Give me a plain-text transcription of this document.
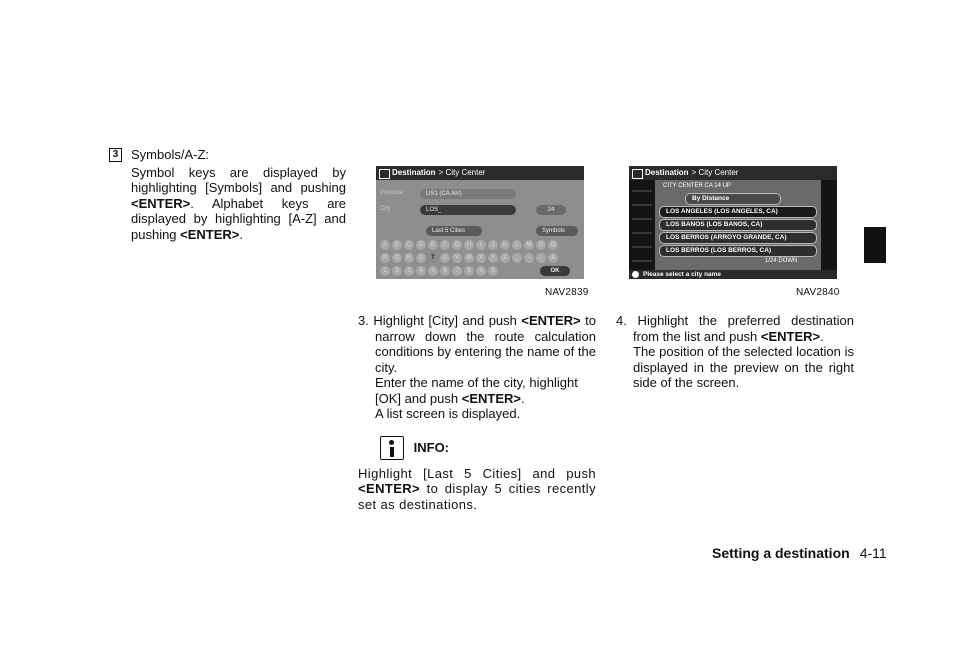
3 Symbols/A-Z:

Symbol keys are displayed by highlighting [Symbols] and pushing <ENTER>. Alphabet keys are displayed by highlighting [A-Z] and pushing <ENTER>.

Destination > City Center
Province	US1 (CA,NV)
City	LOS_	24
Last 5 Cities	Symbols
A	B	C	D	E	F	G	H	I	J	K	L	M	N	O
P	Q	R	S	T	U	V	W	X	Y	Z	␣	–	·	&
1	2	3	4	5	6	7	8	9	0	OK
NAV2839
Destination > City Center
CITY CENTER CA 14 UP
By Distance
LOS ANGELES (LOS ANGELES, CA)
LOS BANOS (LOS BANOS, CA)
LOS BERROS (ARROYO GRANDE, CA)
LOS BERROS (LOS BERROS, CA)
1/24 DOWN
Please select a city name
NAV2840

3. Highlight [City] and push <ENTER> to narrow down the route calculation conditions by entering the name of the city.

Enter the name of the city, highlight [OK] and push <ENTER>.

A list screen is displayed.

INFO:

Highlight [Last 5 Cities] and push <ENTER> to display 5 cities recently set as destinations.

4. Highlight the preferred destination from the list and push <ENTER>.

The position of the selected location is displayed in the preview on the right side of the screen.

Setting a destination 4-11
